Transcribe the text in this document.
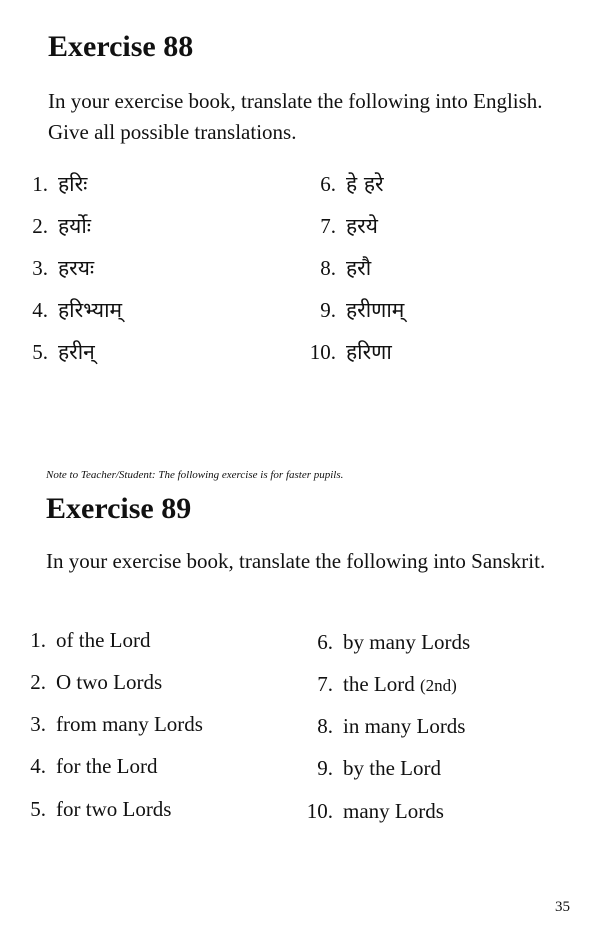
Exercise 88
In your exercise book, translate the following into English. Give all possible translations.
1. हरिः
2. हर्योः
3. हरयः
4. हरिभ्याम्
5. हरीन्
6. हे हरे
7. हरये
8. हरौ
9. हरीणाम्
10. हरिणा
Note to Teacher/Student: The following exercise is for faster pupils.
Exercise 89
In your exercise book, translate the following into Sanskrit.
1. of the Lord
2. O two Lords
3. from many Lords
4. for the Lord
5. for two Lords
6. by many Lords
7. the Lord (2nd)
8. in many Lords
9. by the Lord
10. many Lords
35
